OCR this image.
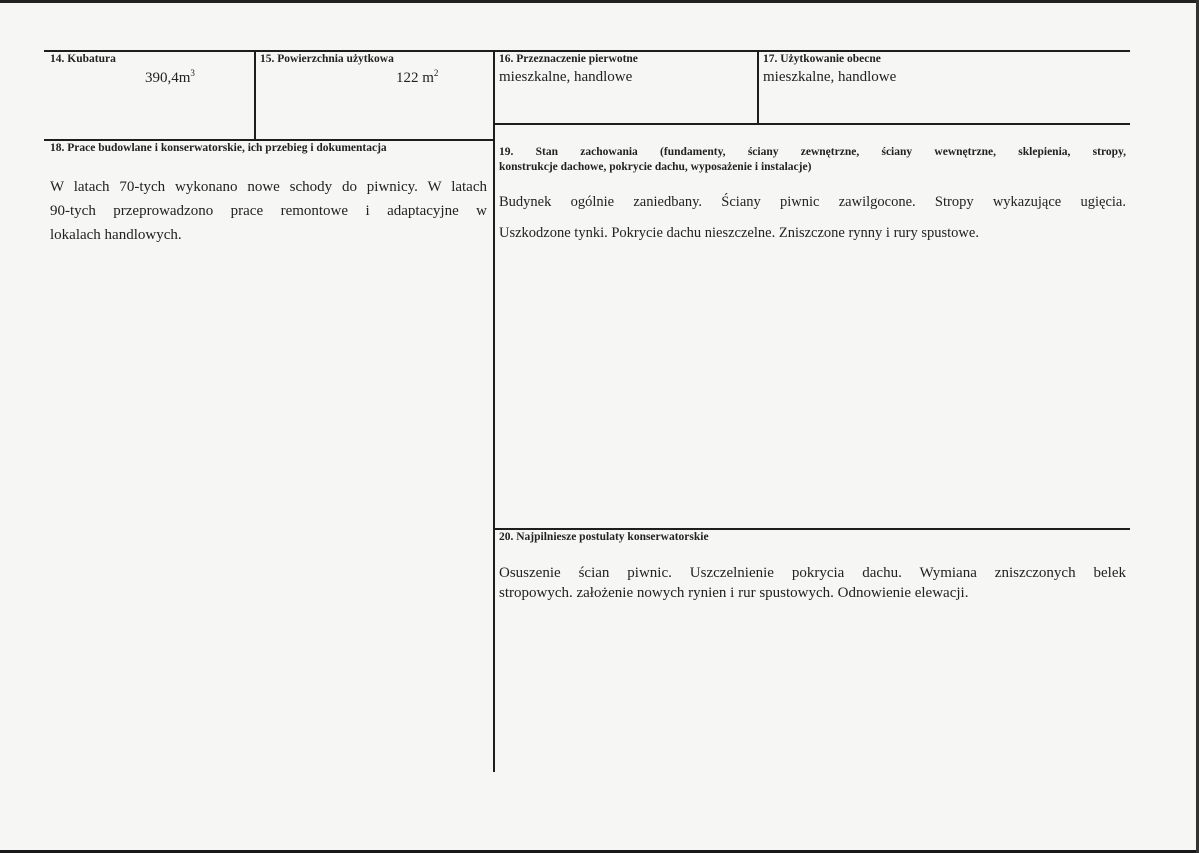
14. Kubatura
$390,4m^3$
15. Powierzchnia użytkowa
122 $m^2$
16. Przeznaczenie pierwotne
mieszkalne, handlowe
17. Użytkowanie obecne
mieszkalne, handlowe
18. Prace budowlane i konserwatorskie, ich przebieg i dokumentacja
W latach 70-tych wykonano nowe schody do piwnicy. W latach
90-tych przeprowadzono prace remontowe i adaptacyjne w
lokalach handlowych.
19. Stan zachowania (fundamenty, ściany zewnętrzne, ściany wewnętrzne, sklepienia, stropy,
konstrukcje dachowe, pokrycie dachu, wyposażenie i instalacje)
Budynek ogólnie zaniedbany. Ściany piwnic zawilgocone. Stropy wykazujące ugięcia.
Uszkodzone tynki. Pokrycie dachu nieszczelne. Zniszczone rynny i rury spustowe.
20. Najpilniesze postulaty konserwatorskie
Osuszenie ścian piwnic. Uszczelnienie pokrycia dachu. Wymiana zniszczonych belek
stropowych. założenie nowych rynien i rur spustowych. Odnowienie elewacji.
